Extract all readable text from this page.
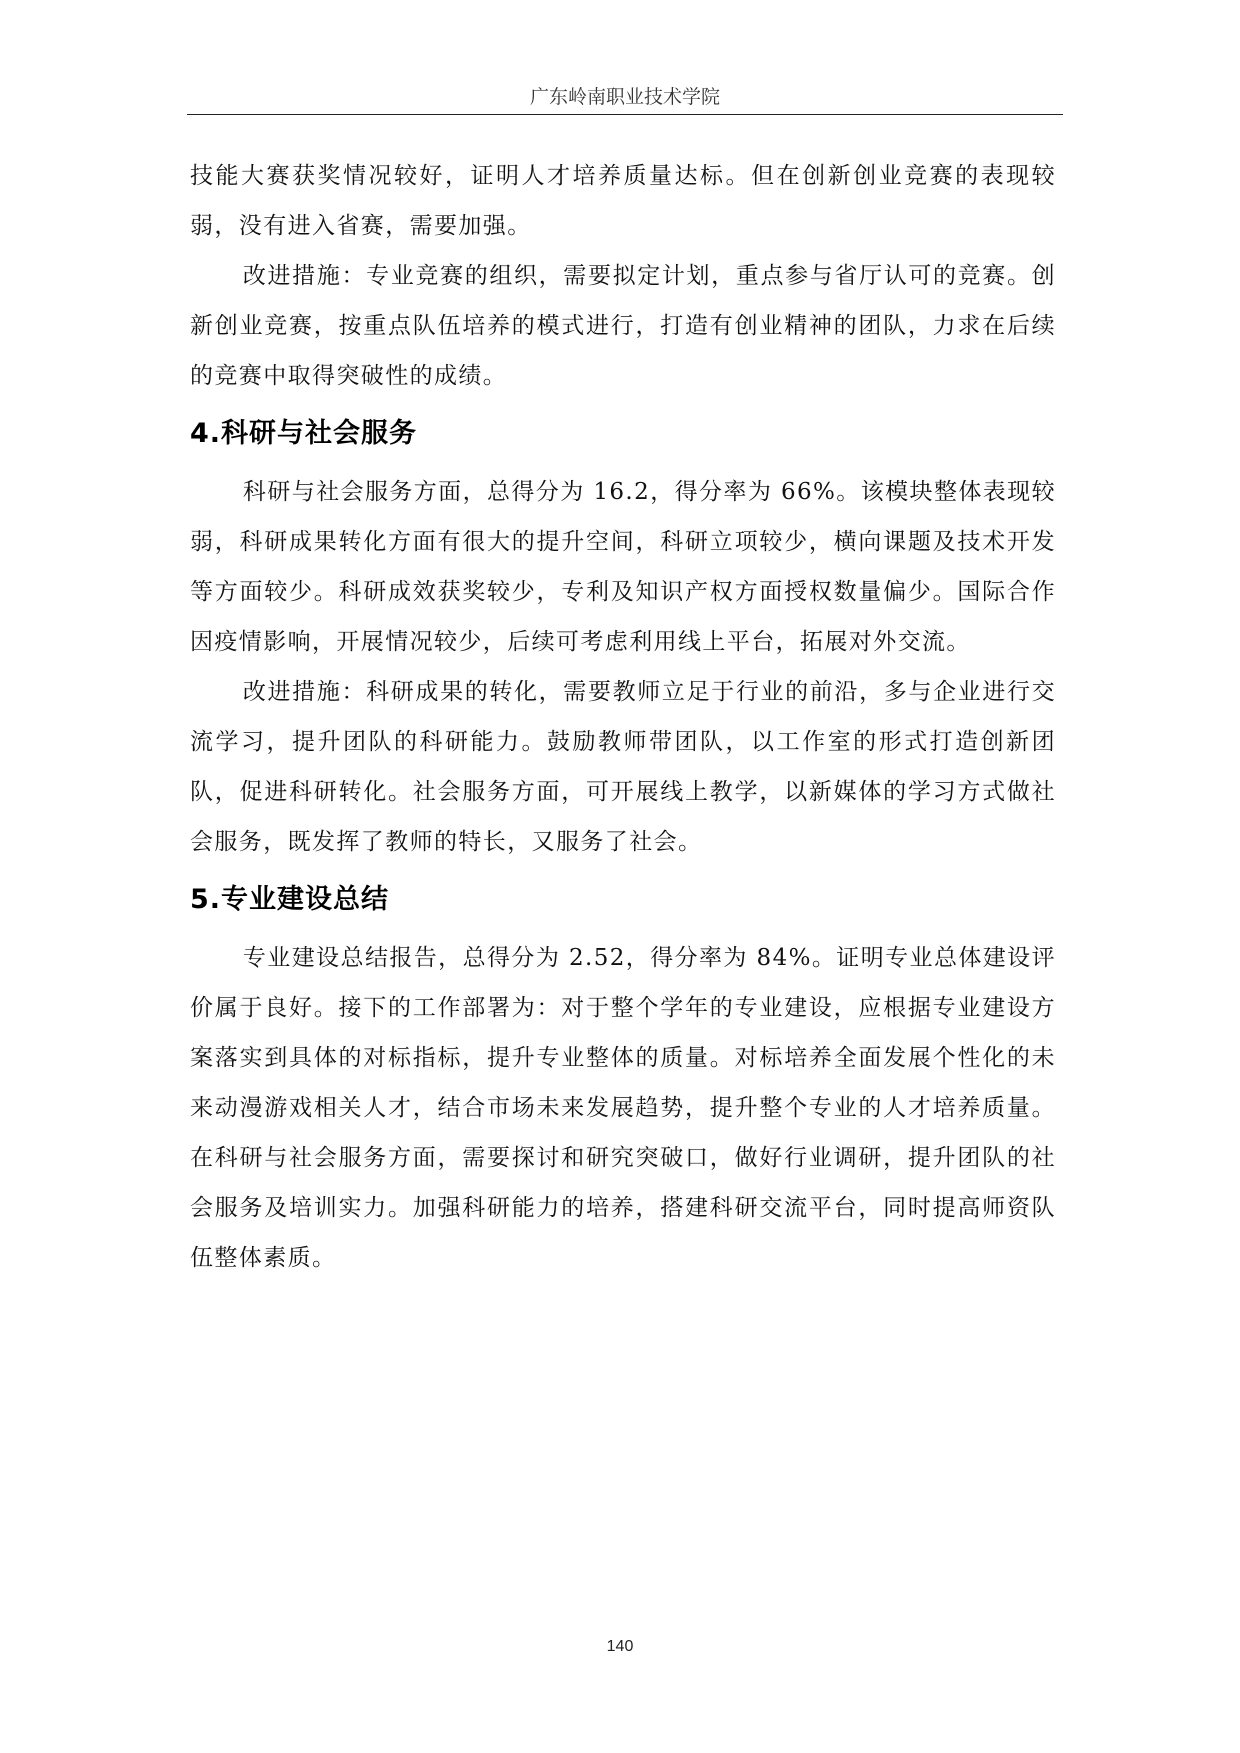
广东岭南职业技术学院

技能大赛获奖情况较好，证明人才培养质量达标。但在创新创业竞赛的表现较弱，没有进入省赛，需要加强。

改进措施：专业竞赛的组织，需要拟定计划，重点参与省厅认可的竞赛。创新创业竞赛，按重点队伍培养的模式进行，打造有创业精神的团队，力求在后续的竞赛中取得突破性的成绩。

4.科研与社会服务

科研与社会服务方面，总得分为 16.2，得分率为 66%。该模块整体表现较弱，科研成果转化方面有很大的提升空间，科研立项较少，横向课题及技术开发等方面较少。科研成效获奖较少，专利及知识产权方面授权数量偏少。国际合作因疫情影响，开展情况较少，后续可考虑利用线上平台，拓展对外交流。

改进措施：科研成果的转化，需要教师立足于行业的前沿，多与企业进行交流学习，提升团队的科研能力。鼓励教师带团队，以工作室的形式打造创新团队，促进科研转化。社会服务方面，可开展线上教学，以新媒体的学习方式做社会服务，既发挥了教师的特长，又服务了社会。

5.专业建设总结

专业建设总结报告，总得分为 2.52，得分率为 84%。证明专业总体建设评价属于良好。接下的工作部署为：对于整个学年的专业建设，应根据专业建设方案落实到具体的对标指标，提升专业整体的质量。对标培养全面发展个性化的未来动漫游戏相关人才，结合市场未来发展趋势，提升整个专业的人才培养质量。在科研与社会服务方面，需要探讨和研究突破口，做好行业调研，提升团队的社会服务及培训实力。加强科研能力的培养，搭建科研交流平台，同时提高师资队伍整体素质。

140
